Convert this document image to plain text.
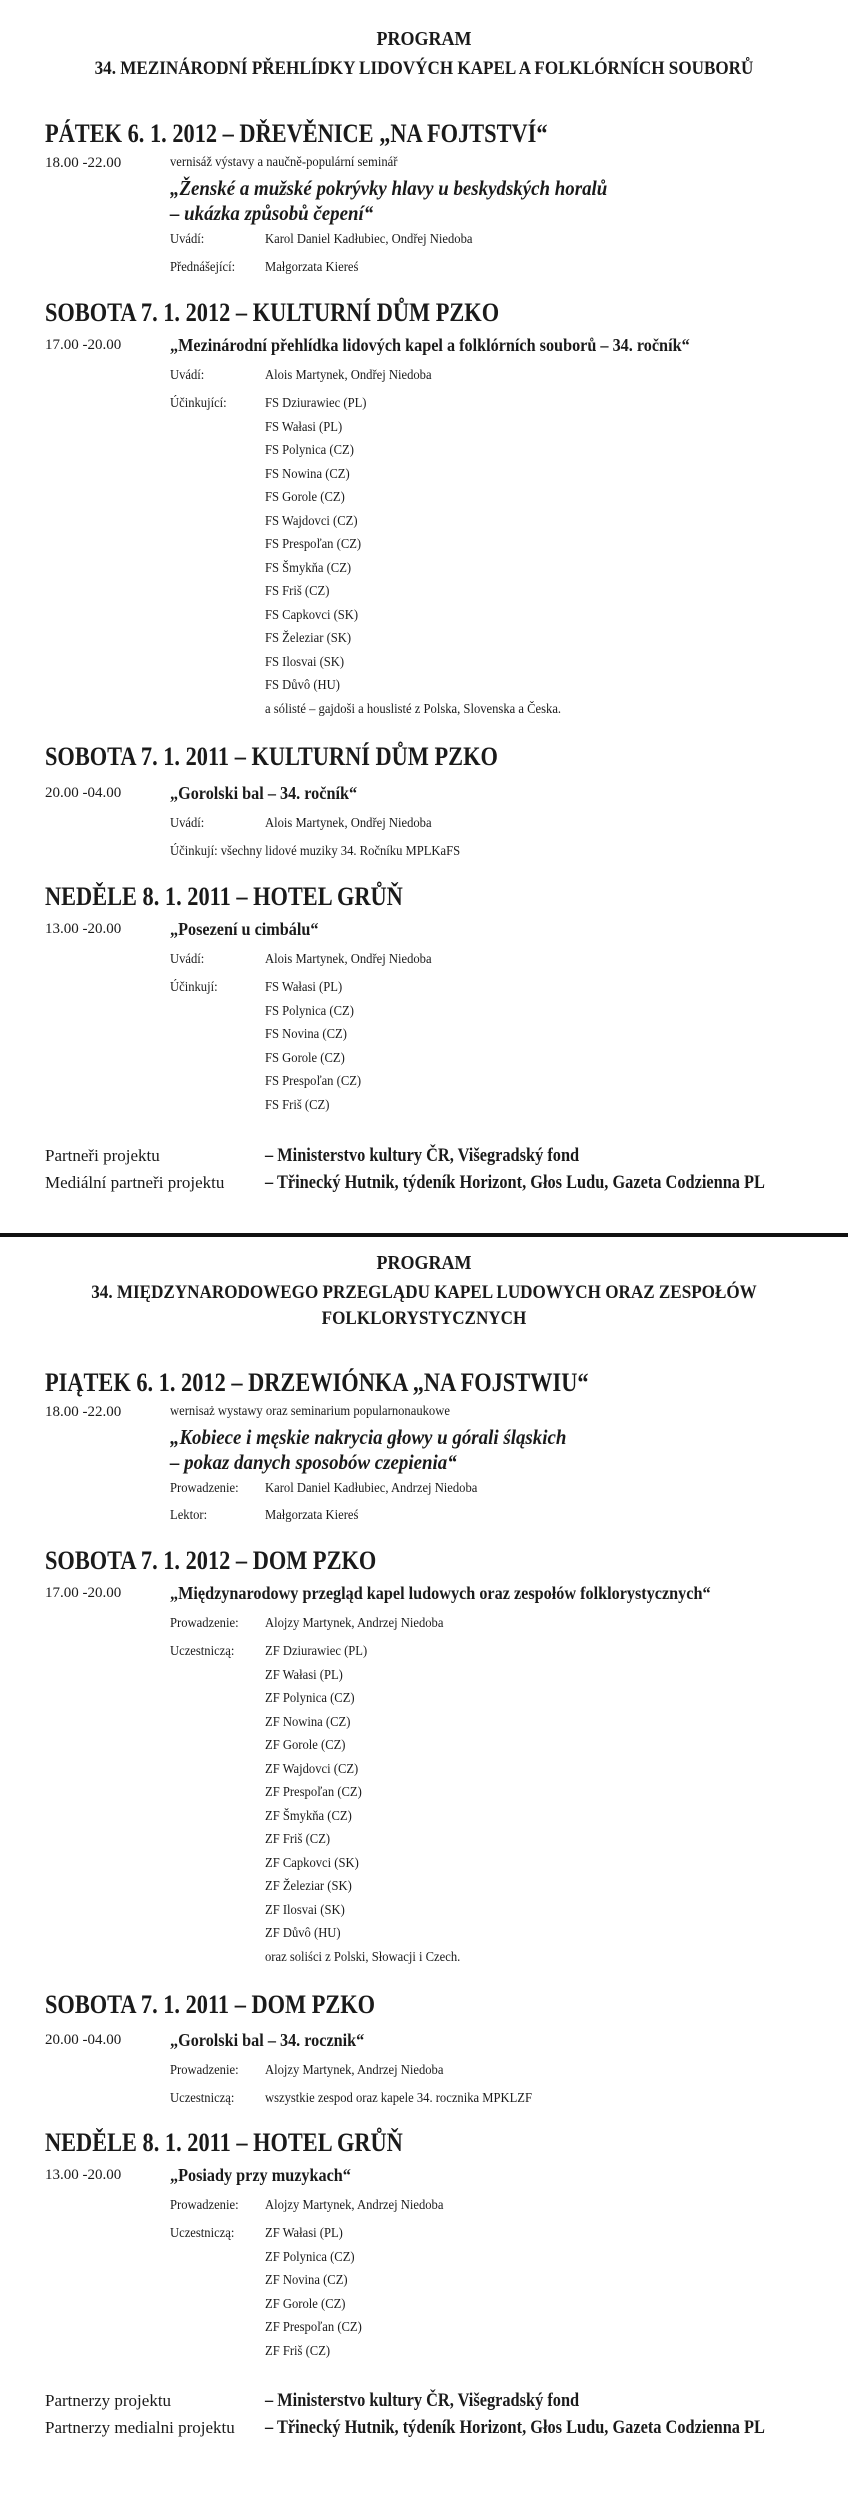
PROGRAM
34. MEZINÁRODNÍ PŘEHLÍDKY LIDOVÝCH KAPEL A FOLKLÓRNÍCH SOUBORŮ
PÁTEK 6. 1. 2012 – DŘEVĚNICE „NA FOJTSTVÍ“
18.00 -22.00	vernisáž výstavy a naučně-populární seminář
„Ženské a mužské pokrývky hlavy u beskydských horalů
– ukázka způsobů čepení“
Uvádí:	Karol Daniel Kadłubiec, Ondřej Niedoba
Přednášející: Małgorzata Kiereś
SOBOTA 7. 1. 2012 – KULTURNÍ DŮM PZKO
17.00 -20.00	„Mezinárodní přehlídka lidových kapel a folklórních souborů – 34. ročník“
Uvádí:	Alois Martynek, Ondřej Niedoba
Účinkující:	FS Dziurawiec (PL)
FS Wałasi (PL)
FS Polynica (CZ)
FS Nowina (CZ)
FS Gorole (CZ)
FS Wajdovci (CZ)
FS Prespoľan (CZ)
FS Šmykňa (CZ)
FS Friš (CZ)
FS Capkovci (SK)
FS Železiar (SK)
FS Ilosvai (SK)
FS Důvô (HU)
a sólisté – gajdoši a houslisté z Polska, Slovenska a Česka.
SOBOTA 7. 1. 2011 – KULTURNÍ DŮM PZKO
20.00 -04.00	„Gorolski bal – 34. ročník“
Uvádí:	Alois Martynek, Ondřej Niedoba
Účinkují: všechny lidové muziky 34. Ročníku MPLKaFS
NEDĚLE 8. 1. 2011 – HOTEL GRŮŇ
13.00 -20.00	„Posezení u cimbálu“
Uvádí:	Alois Martynek, Ondřej Niedoba
Účinkují:	FS Wałasi (PL)
FS Polynica (CZ)
FS Novina (CZ)
FS Gorole (CZ)
FS Prespoľan (CZ)
FS Friš (CZ)
Partneři projektu	– Ministerstvo kultury ČR, Višegradský fond
Mediální partneři projektu – Třinecký Hutnik, týdeník Horizont, Głos Ludu, Gazeta Codzienna PL
PROGRAM
34. MIĘDZYNARODOWEGO PRZEGLĄDU KAPEL LUDOWYCH ORAZ ZESPOŁÓW
FOLKLORYSTYCZNYCH
PIĄTEK 6. 1. 2012 – DRZEWIÓNKA „NA FOJSTWIU“
18.00 -22.00	wernisaż wystawy oraz seminarium popularnonaukowe
„Kobiece i męskie nakrycia głowy u górali śląskich
– pokaz danych sposobów czepienia“
Prowadzenie: Karol Daniel Kadłubiec, Andrzej Niedoba
Lektor:	Małgorzata Kiereś
SOBOTA 7. 1. 2012 – DOM PZKO
17.00 -20.00	„Międzynarodowy przegląd kapel ludowych oraz zespołów folklorystycznych“
Prowadzenie: Alojzy Martynek, Andrzej Niedoba
Uczestniczą: ZF Dziurawiec (PL)
ZF Wałasi (PL)
ZF Polynica (CZ)
ZF Nowina (CZ)
ZF Gorole (CZ)
ZF Wajdovci (CZ)
ZF Prespoľan (CZ)
ZF Šmykňa (CZ)
ZF Friš (CZ)
ZF Capkovci (SK)
ZF Železiar (SK)
ZF Ilosvai (SK)
ZF Důvô (HU)
oraz soliści z Polski, Słowacji i Czech.
SOBOTA 7. 1. 2011 – DOM PZKO
20.00 -04.00	„Gorolski bal – 34. rocznik“
Prowadzenie: Alojzy Martynek, Andrzej Niedoba
Uczestniczą: wszystkie zespod oraz kapele 34. rocznika MPKLZF
NEDĚLE 8. 1. 2011 – HOTEL GRŮŇ
13.00 -20.00	„Posiady przy muzykach“
Prowadzenie: Alojzy Martynek, Andrzej Niedoba
Uczestniczą: ZF Wałasi (PL)
ZF Polynica (CZ)
ZF Novina (CZ)
ZF Gorole (CZ)
ZF Prespoľan (CZ)
ZF Friš (CZ)
Partnerzy projektu	– Ministerstvo kultury ČR, Višegradský fond
Partnerzy medialni projektu – Třinecký Hutnik, týdeník Horizont, Głos Ludu, Gazeta Codzienna PL
